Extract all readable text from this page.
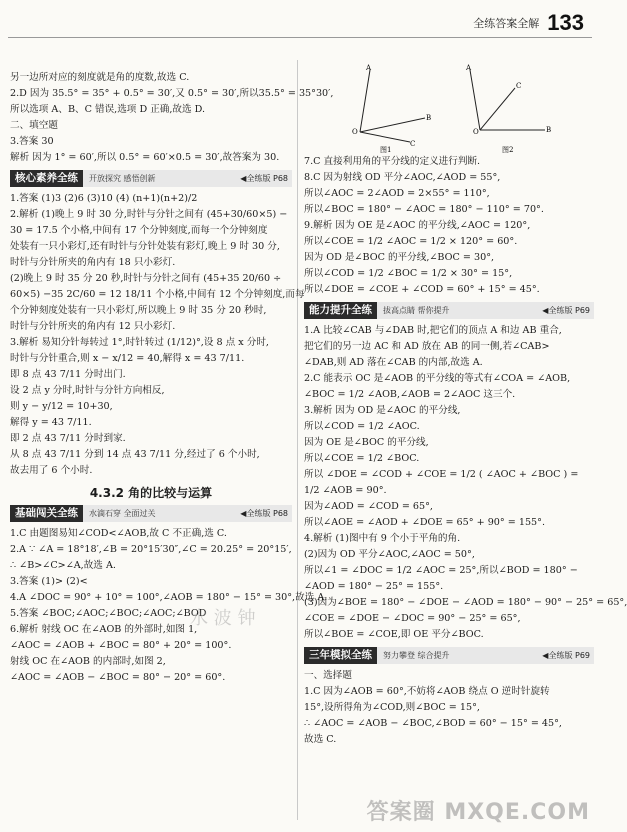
全练答案全解 133
A
B
C
O
图1
A
B
C
O
图2
另一边所对应的刻度就是角的度数,故选 C.
2.D 因为 35.5° = 35° + 0.5° = 30′,又 0.5° = 30′,所以35.5° = 35°30′,
所以选项 A、B、C 错误,选项 D 正确,故选 D.
二、填空题
3.答案 30
解析 因为 1° = 60′,所以 0.5° = 60′×0.5 = 30′,故答案为 30.
核心素养全练	开放探究 感悟创新	◀全练版 P68
1.答案 (1)3 (2)6 (3)10 (4) (n+1)(n+2)/2
2.解析 (1)晚上 9 时 30 分,时针与分针之间有 (45+30/60×5) −
30 = 17.5 个小格,中间有 17 个分钟刻度,而每一个分钟刻度
处装有一只小彩灯,还有时针与分针处装有彩灯,晚上 9 时 30 分,
时针与分针所夹的角内有 18 只小彩灯.
(2)晚上 9 时 35 分 20 秒,时针与分针之间有 (45+35 20/60 ÷
60×5) −35 2C/60 = 12 18/11 个小格,中间有 12 个分钟刻度,而每
个分钟刻度处装有一只小彩灯,所以晚上 9 时 35 分 20 秒时,
时针与分针所夹的角内有 12 只小彩灯.
3.解析 易知分针每转过 1°,时针转过 (1/12)°,设 8 点 x 分时,
时针与分针重合,则 x − x/12 = 40,解得 x = 43 7/11.
即 8 点 43 7/11 分时出门.
设 2 点 y 分时,时针与分针方向相反,
则 y − y/12 = 10+30,
解得 y = 43 7/11.
即 2 点 43 7/11 分时到家.
从 8 点 43 7/11 分到 14 点 43 7/11 分,经过了 6 个小时,
故去用了 6 个小时.
4.3.2 角的比较与运算
基础闯关全练	水滴石穿 全面过关	◀全练版 P68
1.C 由题图易知∠COD<∠AOB,故 C 不正确,选 C.
2.A ∵ ∠A = 18°18′,∠B = 20°15′30″,∠C = 20.25° = 20°15′,
∴ ∠B>∠C>∠A,故选 A.
3.答案 (1)> (2)<
4.A ∠DOC = 90° + 10° = 100°,∠AOB = 180° − 15° = 30°,故选 A.
5.答案 ∠BOC;∠AOC;∠BOC;∠AOC;∠BOD
6.解析 射线 OC 在∠AOB 的外部时,如图 1,
∠AOC = ∠AOB + ∠BOC = 80° + 20° = 100°.
射线 OC 在∠AOB 的内部时,如图 2,
∠AOC = ∠AOB − ∠BOC = 80° − 20° = 60°.
7.C 直接利用角的平分线的定义进行判断.
8.C 因为射线 OD 平分∠AOC,∠AOD = 55°,
所以∠AOC = 2∠AOD = 2×55° = 110°,
所以∠BOC = 180° − ∠AOC = 180° − 110° = 70°.
9.解析 因为 OE 是∠AOC 的平分线,∠AOC = 120°,
所以∠COE = 1/2 ∠AOC = 1/2 × 120° = 60°.
因为 OD 是∠BOC 的平分线,∠BOC = 30°,
所以∠COD = 1/2 ∠BOC = 1/2 × 30° = 15°,
所以∠DOE = ∠COE + ∠COD = 60° + 15° = 45°.
能力提升全练	拔高点睛 帮你提升	◀全练版 P69
1.A 比较∠CAB 与∠DAB 时,把它们的顶点 A 和边 AB 重合,
把它们的另一边 AC 和 AD 放在 AB 的同一侧,若∠CAB>
∠DAB,则 AD 落在∠CAB 的内部,故选 A.
2.C 能表示 OC 是∠AOB 的平分线的等式有∠COA = ∠AOB,
∠BOC = 1/2 ∠AOB,∠AOB = 2∠AOC 这三个.
3.解析 因为 OD 是∠AOC 的平分线,
所以∠COD = 1/2 ∠AOC.
因为 OE 是∠BOC 的平分线,
所以∠COE = 1/2 ∠BOC.
所以 ∠DOE = ∠COD + ∠COE = 1/2 ( ∠AOC + ∠BOC ) =
1/2 ∠AOB = 90°.
因为∠AOD = ∠COD = 65°,
所以∠AOE = ∠AOD + ∠DOE = 65° + 90° = 155°.
4.解析 (1)图中有 9 个小于平角的角.
(2)因为 OD 平分∠AOC,∠AOC = 50°,
所以∠1 = ∠DOC = 1/2 ∠AOC = 25°,所以∠BOD = 180° −
∠AOD = 180° − 25° = 155°.
(3)因为∠BOE = 180° − ∠DOE − ∠AOD = 180° − 90° − 25° = 65°,
∠COE = ∠DOE − ∠DOC = 90° − 25° = 65°,
所以∠BOE = ∠COE,即 OE 平分∠BOC.
三年模拟全练	努力攀登 综合提升	◀全练版 P69
一、选择题
1.C 因为∠AOB = 60°,不妨将∠AOB 绕点 O 逆时针旋转
15°,设所得角为∠COD,则∠BOC = 15°,
∴ ∠AOC = ∠AOB − ∠BOC,∠BOD = 60° − 15° = 45°,
故选 C.
水 波 钟
答案圈 MXQE.COM
